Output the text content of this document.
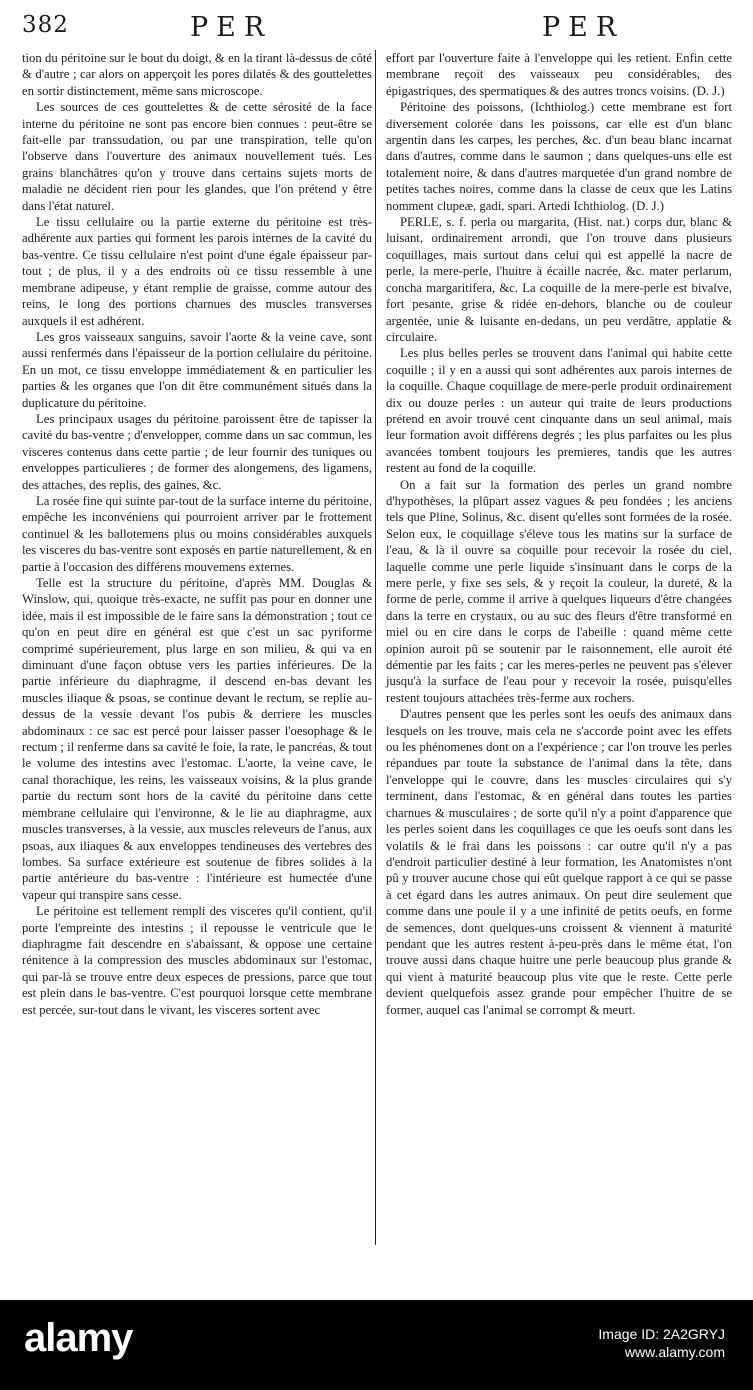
382	PER	PER

tion du péritoine sur le bout du doigt, & en la tirant là-dessus de côté & d'autre ; car alors on apperçoit les pores dilatés & des gouttelettes en sortir distinctement, même sans microscope.

Les sources de ces gouttelettes & de cette sérosité de la face interne du péritoine ne sont pas encore bien connues : peut-être se fait-elle par transsudation, ou par une transpiration, telle qu'on l'observe dans l'ouverture des animaux nouvellement tués. Les grains blanchâtres qu'on y trouve dans certains sujets morts de maladie ne décident rien pour les glandes, que l'on prétend y être dans l'état naturel.

Le tissu cellulaire ou la partie externe du péritoine est très-adhérente aux parties qui forment les parois internes de la cavité du bas-ventre. Ce tissu cellulaire n'est point d'une égale épaisseur par-tout ; de plus, il y a des endroits où ce tissu ressemble à une membrane adipeuse, y étant remplie de graisse, comme autour des reins, le long des portions charnues des muscles transverses auxquels il est adhérent.

Les gros vaisseaux sanguins, savoir l'aorte & la veine cave, sont aussi renfermés dans l'épaisseur de la portion cellulaire du péritoine. En un mot, ce tissu enveloppe immédiatement & en particulier les parties & les organes que l'on dit être communément situés dans la duplicature du péritoine.

Les principaux usages du péritoine paroissent être de tapisser la cavité du bas-ventre ; d'envelopper, comme dans un sac commun, les visceres contenus dans cette partie ; de leur fournir des tuniques ou enveloppes particulieres ; de former des alongemens, des ligamens, des attaches, des replis, des gaines, &c.

La rosée fine qui suinte par-tout de la surface interne du péritoine, empêche les inconvéniens qui pourroient arriver par le frottement continuel & les ballotemens plus ou moins considérables auxquels les visceres du bas-ventre sont exposés en partie naturellement, & en partie à l'occasion des différens mouvemens externes.

Telle est la structure du péritoine, d'après MM. Douglas & Winslow, qui, quoique très-exacte, ne suffit pas pour en donner une idée, mais il est impossible de le faire sans la démonstration ; tout ce qu'on en peut dire en général est que c'est un sac pyriforme comprimé supérieurement, plus large en son milieu, & qui va en diminuant d'une façon obtuse vers les parties inférieures. De la partie inférieure du diaphragme, il descend en-bas devant les muscles iliaque & psoas, se continue devant le rectum, se replie au-dessus de la vessie devant l'os pubis & derriere les muscles abdominaux : ce sac est percé pour laisser passer l'oesophage & le rectum ; il renferme dans sa cavité le foie, la rate, le pancréas, & tout le volume des intestins avec l'estomac. L'aorte, la veine cave, le canal thorachique, les reins, les vaisseaux voisins, & la plus grande partie du rectum sont hors de la cavité du péritoine dans cette membrane cellulaire qui l'environne, & le lie au diaphragme, aux muscles transverses, à la vessie, aux muscles releveurs de l'anus, aux psoas, aux iliaques & aux enveloppes tendineuses des vertebres des lombes. Sa surface extérieure est soutenue de fibres solides à la partie antérieure du bas-ventre : l'intérieure est humectée d'une vapeur qui transpire sans cesse.

Le péritoine est tellement rempli des visceres qu'il contient, qu'il porte l'empreinte des intestins ; il repousse le ventricule que le diaphragme fait descendre en s'abaissant, & oppose une certaine rénitence à la compression des muscles abdominaux sur l'estomac, qui par-là se trouve entre deux especes de pressions, parce que tout est plein dans le bas-ventre. C'est pourquoi lorsque cette membrane est percée, sur-tout dans le vivant, les visceres sortent avec

effort par l'ouverture faite à l'enveloppe qui les retient. Enfin cette membrane reçoit des vaisseaux peu considérables, des épigastriques, des spermatiques & des autres troncs voisins. (D. J.)

Péritoine des poissons, (Ichthiolog.) cette membrane est fort diversement colorée dans les poissons, car elle est d'un blanc argentin dans les carpes, les perches, &c. d'un beau blanc incarnat dans d'autres, comme dans le saumon ; dans quelques-uns elle est totalement noire, & dans d'autres marquetée d'un grand nombre de petites taches noires, comme dans la classe de ceux que les Latins nomment clupeæ, gadi, spari. Artedi Ichthiolog. (D. J.)

PERLE, s. f. perla ou margarita, (Hist. nat.) corps dur, blanc & luisant, ordinairement arrondi, que l'on trouve dans plusieurs coquillages, mais surtout dans celui qui est appellé la nacre de perle, la mere-perle, l'huitre à écaille nacrée, &c. mater perlarum, concha margaritifera, &c. La coquille de la mere-perle est bivalve, fort pesante, grise & ridée en-dehors, blanche ou de couleur argentée, unie & luisante en-dedans, un peu verdâtre, applatie & circulaire.

Les plus belles perles se trouvent dans l'animal qui habite cette coquille ; il y en a aussi qui sont adhérentes aux parois internes de la coquille. Chaque coquillage de mere-perle produit ordinairement dix ou douze perles : un auteur qui traite de leurs productions prétend en avoir trouvé cent cinquante dans un seul animal, mais leur formation avoit différens degrés ; les plus parfaites ou les plus avancées tombent toujours les premieres, tandis que les autres restent au fond de la coquille.

On a fait sur la formation des perles un grand nombre d'hypothèses, la plûpart assez vagues & peu fondées ; les anciens tels que Pline, Solinus, &c. disent qu'elles sont formées de la rosée. Selon eux, le coquillage s'éleve tous les matins sur la surface de l'eau, & là il ouvre sa coquille pour recevoir la rosée du ciel, laquelle comme une perle liquide s'insinuant dans le corps de la mere perle, y fixe ses sels, & y reçoit la couleur, la dureté, & la forme de perle, comme il arrive à quelques liqueurs d'être changées dans la terre en crystaux, ou au suc des fleurs d'être transformé en miel ou en cire dans le corps de l'abeille : quand même cette opinion auroit pû se soutenir par le raisonnement, elle auroit été démentie par les faits ; car les meres-perles ne peuvent pas s'élever jusqu'à la surface de l'eau pour y recevoir la rosée, puisqu'elles restent toujours attachées très-ferme aux rochers.

D'autres pensent que les perles sont les oeufs des animaux dans lesquels on les trouve, mais cela ne s'accorde point avec les effets ou les phénomenes dont on a l'expérience ; car l'on trouve les perles répandues par toute la substance de l'animal dans la tête, dans l'enveloppe qui le couvre, dans les muscles circulaires qui s'y terminent, dans l'estomac, & en général dans toutes les parties charnues & musculaires ; de sorte qu'il n'y a point d'apparence que les perles soient dans les coquillages ce que les oeufs sont dans les volatils & le frai dans les poissons : car outre qu'il n'y a pas d'endroit particulier destiné à leur formation, les Anatomistes n'ont pû y trouver aucune chose qui eût quelque rapport à ce qui se passe à cet égard dans les autres animaux. On peut dire seulement que comme dans une poule il y a une infinité de petits oeufs, en forme de semences, dont quelques-uns croissent & viennent à maturité pendant que les autres restent à-peu-près dans le même état, l'on trouve aussi dans chaque huitre une perle beaucoup plus grande & qui vient à maturité beaucoup plus vite que le reste. Cette perle devient quelquefois assez grande pour empêcher l'huitre de se former, auquel cas l'animal se corrompt & meurt.

alamy	Image ID: 2A2GRYJ
www.alamy.com
